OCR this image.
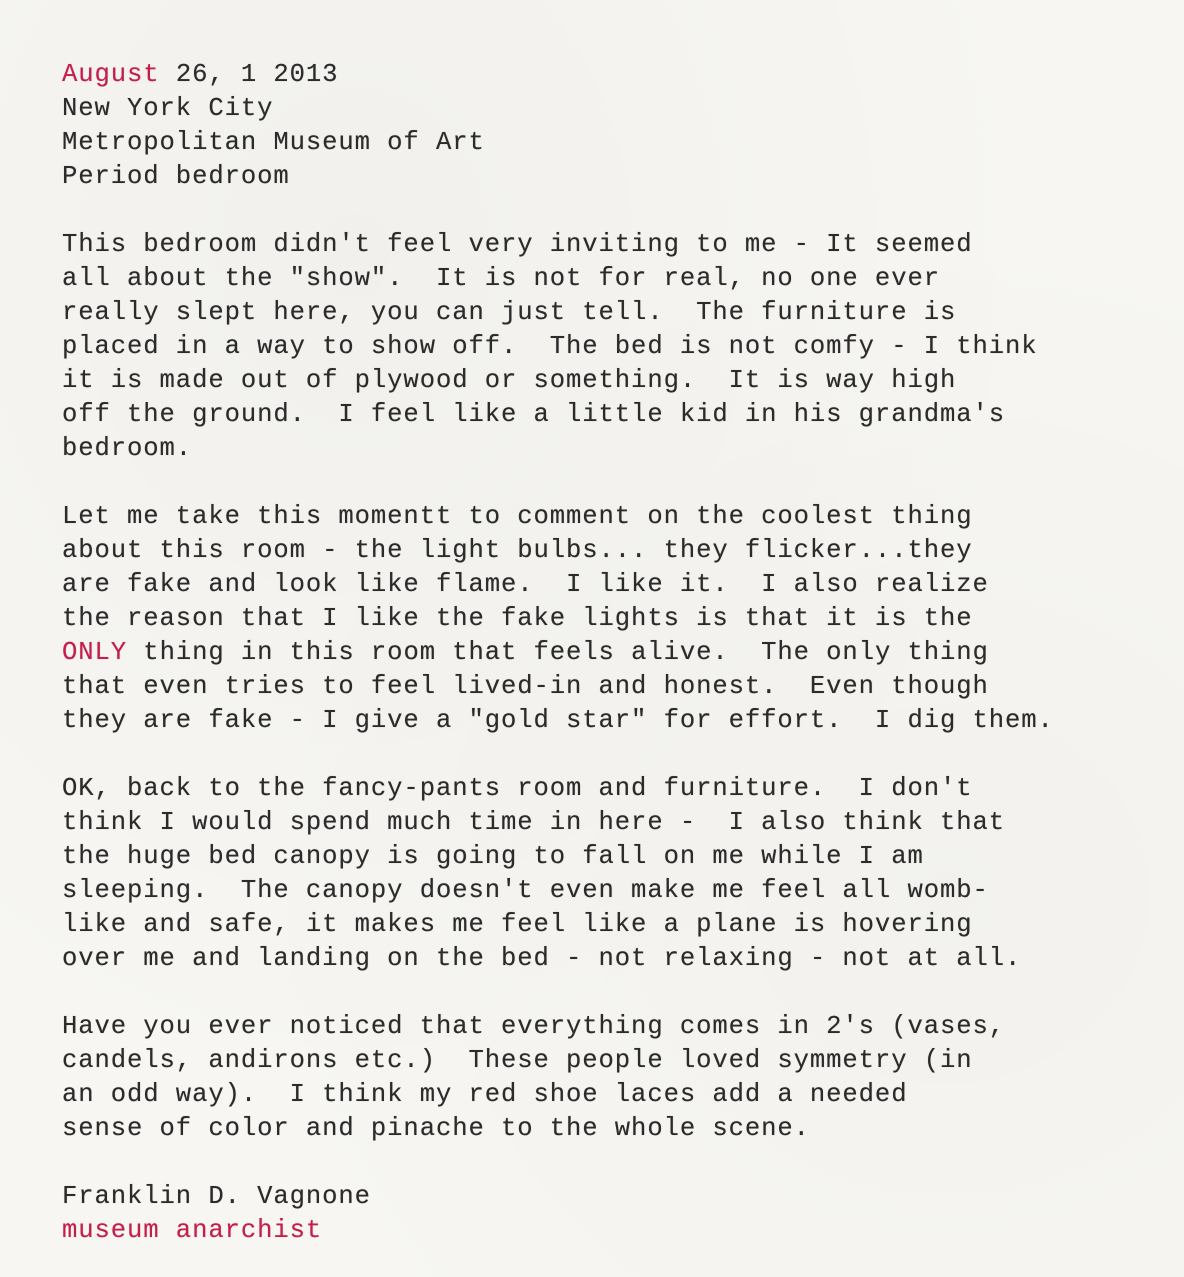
August 26, 1 2013
New York City
Metropolitan Museum of Art
Period bedroom
This bedroom didn't feel very inviting to me - It seemed
all about the "show".  It is not for real, no one ever
really slept here, you can just tell.  The furniture is
placed in a way to show off.  The bed is not comfy - I think
it is made out of plywood or something.  It is way high
off the ground.  I feel like a little kid in his grandma's
bedroom.
Let me take this momentt to comment on the coolest thing
about this room - the light bulbs... they flicker...they
are fake and look like flame.  I like it.  I also realize
the reason that I like the fake lights is that it is the
ONLY thing in this room that feels alive.  The only thing
that even tries to feel lived-in and honest.  Even though
they are fake - I give a "gold star" for effort.  I dig them.
OK, back to the fancy-pants room and furniture.  I don't
think I would spend much time in here -  I also think that
the huge bed canopy is going to fall on me while I am
sleeping.  The canopy doesn't even make me feel all womb-
like and safe, it makes me feel like a plane is hovering
over me and landing on the bed - not relaxing - not at all.
Have you ever noticed that everything comes in 2's (vases,
candels, andirons etc.)  These people loved symmetry (in
an odd way).  I think my red shoe laces add a needed
sense of color and pinache to the whole scene.
Franklin D. Vagnone
museum anarchist
